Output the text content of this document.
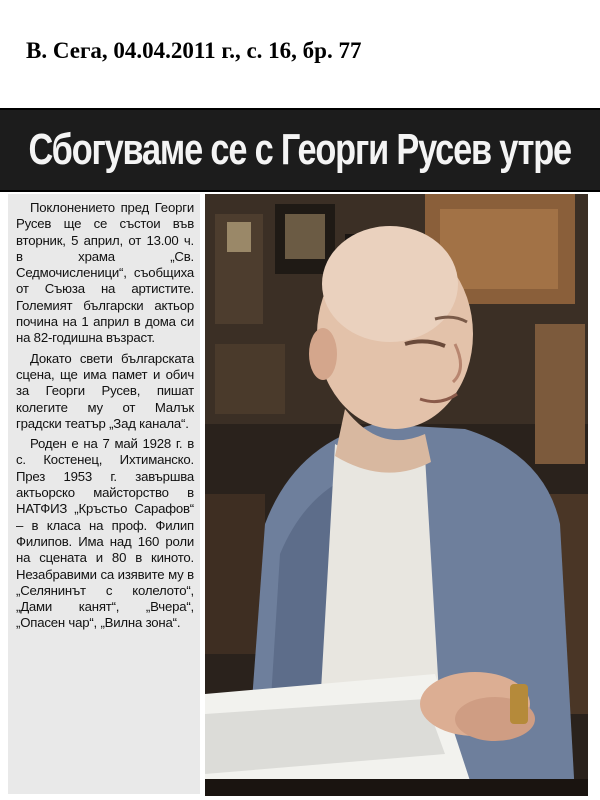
В. Сега, 04.04.2011 г., с. 16, бр. 77
Сбогуваме се с Георги Русев утре

Поклонението пред Георги Русев ще се състои във вторник, 5 април, от 13.00 ч. в храма „Св. Седмочисленици“, съобщиха от Съюза на артистите. Големият български актьор почина на 1 април в дома си на 82-годишна възраст.

Докато свети българската сцена, ще има памет и обич за Георги Русев, пишат колегите му от Малък градски театър „Зад канала“.

Роден е на 7 май 1928 г. в с. Костенец, Ихтиманско. През 1953 г. завършва актьорско майсторство в НАТФИЗ „Кръстьо Сарафов“ – в класа на проф. Филип Филипов. Има над 160 роли на сцената и 80 в киното. Незабравими са изявите му в „Селянинът с колелото“, „Дами канят“, „Вчера“, „Опасен чар“, „Вилна зона“.
